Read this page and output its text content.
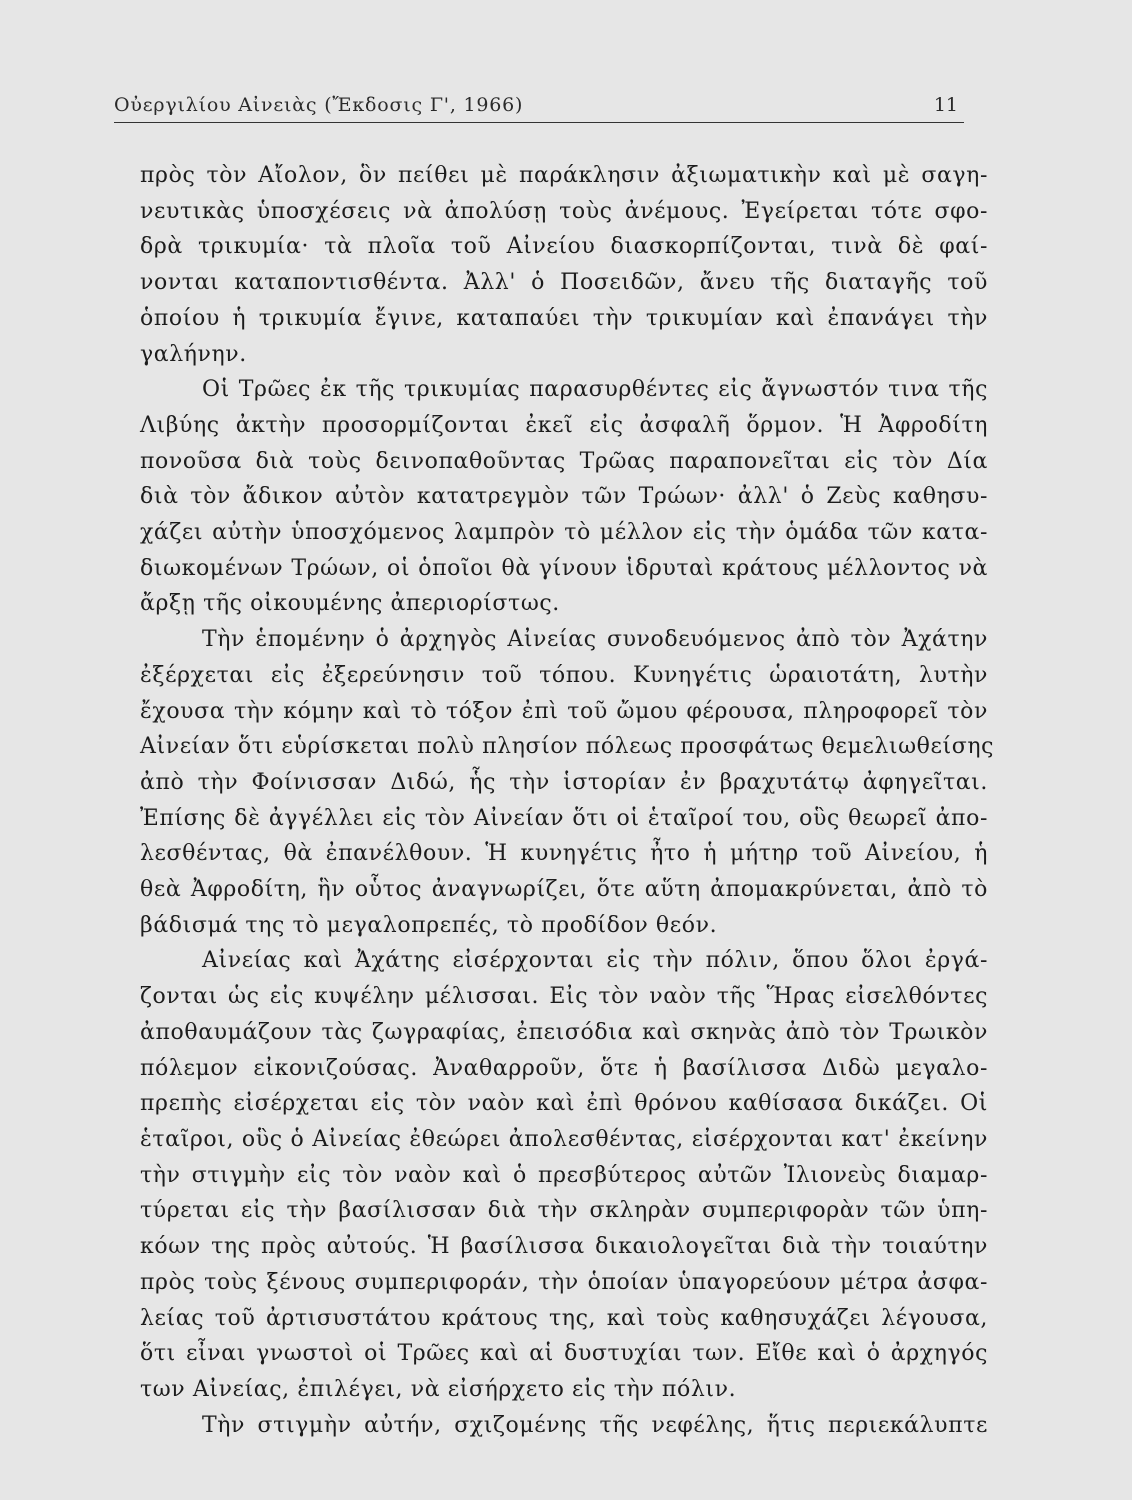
Οὐεργιλίου Αἰνειὰς (Ἔκδοσις Γ', 1966)	11
πρὸς τὸν Αἴολον, ὃν πείθει μὲ παράκλησιν ἀξιωματικὴν καὶ μὲ σαγη-
νευτικὰς ὑποσχέσεις νὰ ἀπολύσῃ τοὺς ἀνέμους. Ἐγείρεται τότε σφο-
δρὰ τρικυμία· τὰ πλοῖα τοῦ Αἰνείου διασκορπίζονται, τινὰ δὲ φαί-
νονται καταποντισθέντα. Ἀλλ' ὁ Ποσειδῶν, ἄνευ τῆς διαταγῆς τοῦ
ὁποίου ἡ τρικυμία ἔγινε, καταπαύει τὴν τρικυμίαν καὶ ἐπανάγει τὴν
γαλήνην.
Οἱ Τρῶες ἐκ τῆς τρικυμίας παρασυρθέντες εἰς ἄγνωστόν τινα τῆς
Λιβύης ἀκτὴν προσορμίζονται ἐκεῖ εἰς ἀσφαλῆ ὅρμον. Ἡ Ἀφροδίτη
πονοῦσα διὰ τοὺς δεινοπαθοῦντας Τρῶας παραπονεῖται εἰς τὸν Δία
διὰ τὸν ἄδικον αὐτὸν κατατρεγμὸν τῶν Τρώων· ἀλλ' ὁ Ζεὺς καθησυ-
χάζει αὐτὴν ὑποσχόμενος λαμπρὸν τὸ μέλλον εἰς τὴν ὁμάδα τῶν κατα-
διωκομένων Τρώων, οἱ ὁποῖοι θὰ γίνουν ἱδρυταὶ κράτους μέλλοντος νὰ
ἄρξῃ τῆς οἰκουμένης ἀπεριορίστως.
Τὴν ἑπομένην ὁ ἀρχηγὸς Αἰνείας συνοδευόμενος ἀπὸ τὸν Ἀχάτην
ἐξέρχεται εἰς ἐξερεύνησιν τοῦ τόπου. Κυνηγέτις ὡραιοτάτη, λυτὴν
ἔχουσα τὴν κόμην καὶ τὸ τόξον ἐπὶ τοῦ ὤμου φέρουσα, πληροφορεῖ τὸν
Αἰνείαν ὅτι εὑρίσκεται πολὺ πλησίον πόλεως προσφάτως θεμελιωθείσης
ἀπὸ τὴν Φοίνισσαν Διδώ, ἧς τὴν ἱστορίαν ἐν βραχυτάτῳ ἀφηγεῖται.
Ἐπίσης δὲ ἀγγέλλει εἰς τὸν Αἰνείαν ὅτι οἱ ἑταῖροί του, οὓς θεωρεῖ ἀπο-
λεσθέντας, θὰ ἐπανέλθουν. Ἡ κυνηγέτις ἦτο ἡ μήτηρ τοῦ Αἰνείου, ἡ
θεὰ Ἀφροδίτη, ἣν οὗτος ἀναγνωρίζει, ὅτε αὕτη ἀπομακρύνεται, ἀπὸ τὸ
βάδισμά της τὸ μεγαλοπρεπές, τὸ προδίδον θεόν.
Αἰνείας καὶ Ἀχάτης εἰσέρχονται εἰς τὴν πόλιν, ὅπου ὅλοι ἐργά-
ζονται ὡς εἰς κυψέλην μέλισσαι. Εἰς τὸν ναὸν τῆς Ἥρας εἰσελθόντες
ἀποθαυμάζουν τὰς ζωγραφίας, ἐπεισόδια καὶ σκηνὰς ἀπὸ τὸν Τρωικὸν
πόλεμον εἰκονιζούσας. Ἀναθαρροῦν, ὅτε ἡ βασίλισσα Διδὼ μεγαλο-
πρεπὴς εἰσέρχεται εἰς τὸν ναὸν καὶ ἐπὶ θρόνου καθίσασα δικάζει. Οἱ
ἑταῖροι, οὓς ὁ Αἰνείας ἐθεώρει ἀπολεσθέντας, εἰσέρχονται κατ' ἐκείνην
τὴν στιγμὴν εἰς τὸν ναὸν καὶ ὁ πρεσβύτερος αὐτῶν Ἰλιονεὺς διαμαρ-
τύρεται εἰς τὴν βασίλισσαν διὰ τὴν σκληρὰν συμπεριφορὰν τῶν ὑπη-
κόων της πρὸς αὐτούς. Ἡ βασίλισσα δικαιολογεῖται διὰ τὴν τοιαύτην
πρὸς τοὺς ξένους συμπεριφοράν, τὴν ὁποίαν ὑπαγορεύουν μέτρα ἀσφα-
λείας τοῦ ἀρτισυστάτου κράτους της, καὶ τοὺς καθησυχάζει λέγουσα,
ὅτι εἶναι γνωστοὶ οἱ Τρῶες καὶ αἱ δυστυχίαι των. Εἴθε καὶ ὁ ἀρχηγός
των Αἰνείας, ἐπιλέγει, νὰ εἰσήρχετο εἰς τὴν πόλιν.
Τὴν στιγμὴν αὐτήν, σχιζομένης τῆς νεφέλης, ἥτις περιεκάλυπτε
